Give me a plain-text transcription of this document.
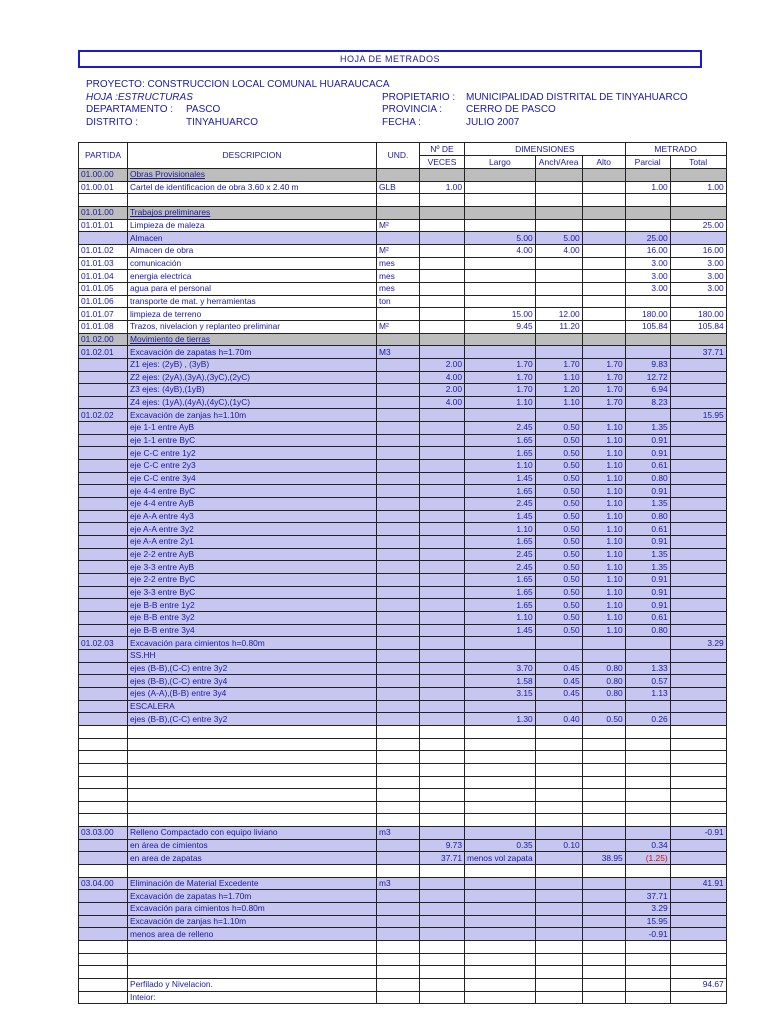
HOJA DE METRADOS
PROYECTO: CONSTRUCCION LOCAL COMUNAL HUARAUCACA
HOJA :ESTRUCTURAS
DEPARTAMENTO : PASCO
DISTRITO :	TINYAHUARCO
PROPIETARIO : MUNICIPALIDAD DISTRITAL DE TINYAHUARCO
PROVINCIA : CERRO DE PASCO
FECHA :	JULIO 2007
PARTIDA	DESCRIPCION	UND.	Nº DE	DIMENSIONES			METRADO	
			VECES	Largo	Anch/Area	Alto	Parcial	Total
01.00.00	Obras Provisionales							
01.00.01	Cartel de identificacion de obra 3.60 x 2.40 m	GLB	1.00				1.00	1.00

01.01.00	Trabajos preliminares							
01.01.01	Limpieza de maleza	M²						25.00
	Almacen			5.00	5.00		25.00	
01.01.02	Almacen de obra	M²		4.00	4.00		16.00	16.00
01.01.03	comunicación	mes					3.00	3.00
01.01.04	energia electrica	mes					3.00	3.00
01.01.05	agua para el personal	mes					3.00	3.00
01.01.06	transporte de mat. y herramientas	ton						
01.01.07	limpieza de terreno			15.00	12.00		180.00	180.00
01.01.08	Trazos, nivelacion y replanteo preliminar	M²		9.45	11.20		105.84	105.84
01.02.00	Movimiento de tierras							
01.02.01	Excavación de zapatas h=1.70m	M3						37.71
	Z1 ejes: (2yB) , (3yB)		2.00	1.70	1.70	1.70	9.83	
	Z2 ejes: (2yA),(3yA),(3yC),(2yC)		4.00	1.70	1.10	1.70	12.72	
	Z3 ejes: (4yB),(1yB)		2.00	1.70	1.20	1.70	6.94	
	Z4 ejes: (1yA),(4yA),(4yC),(1yC)		4.00	1.10	1.10	1.70	8.23	
01.02.02	Excavación de zanjas h=1.10m							15.95
	eje 1-1 entre AyB			2.45	0.50	1.10	1.35	
	eje 1-1 entre ByC			1.65	0.50	1.10	0.91	
	eje C-C entre 1y2			1.65	0.50	1.10	0.91	
	eje C-C entre 2y3			1.10	0.50	1.10	0.61	
	eje C-C entre 3y4			1.45	0.50	1.10	0.80	
	eje 4-4 entre ByC			1.65	0.50	1.10	0.91	
	eje 4-4 entre AyB			2.45	0.50	1.10	1.35	
	eje A-A entre 4y3			1.45	0.50	1.10	0.80	
	eje A-A entre 3y2			1.10	0.50	1.10	0.61	
	eje A-A entre 2y1			1.65	0.50	1.10	0.91	
	eje 2-2 entre AyB			2.45	0.50	1.10	1.35	
	eje 3-3 entre AyB			2.45	0.50	1.10	1.35	
	eje 2-2 entre ByC			1.65	0.50	1.10	0.91	
	eje 3-3 entre ByC			1.65	0.50	1.10	0.91	
	eje B-B entre 1y2			1.65	0.50	1.10	0.91	
	eje B-B entre 3y2			1.10	0.50	1.10	0.61	
	eje B-B entre 3y4			1.45	0.50	1.10	0.80	
01.02.03	Excavación para cimientos h=0.80m							3.29
	SS.HH							
	ejes (B-B),(C-C) entre 3y2			3.70	0.45	0.80	1.33	
	ejes (B-B),(C-C) entre 3y4			1.58	0.45	0.80	0.57	
	ejes (A-A),(B-B) entre 3y4			3.15	0.45	0.80	1.13	
	ESCALERA							
	ejes (B-B),(C-C) entre 3y2			1.30	0.40	0.50	0.26	

03.03.00	Relleno Compactado con equipo liviano	m3						-0.91
	en área de cimientos		9.73	0.35	0.10		0.34	
	en area de zapatas		37.71	menos vol zapata		38.95	(1.25)	

03.04.00	Eliminación de Material Excedente	m3						41.91
	Excavación de zapatas h=1.70m						37.71	
	Excavación para cimientos h=0.80m						3.29	
	Excavación de zanjas h=1.10m						15.95	
	menos area de relleno						-0.91	

	Perfilado y Nivelacion.							94.67
	Inteior:							
